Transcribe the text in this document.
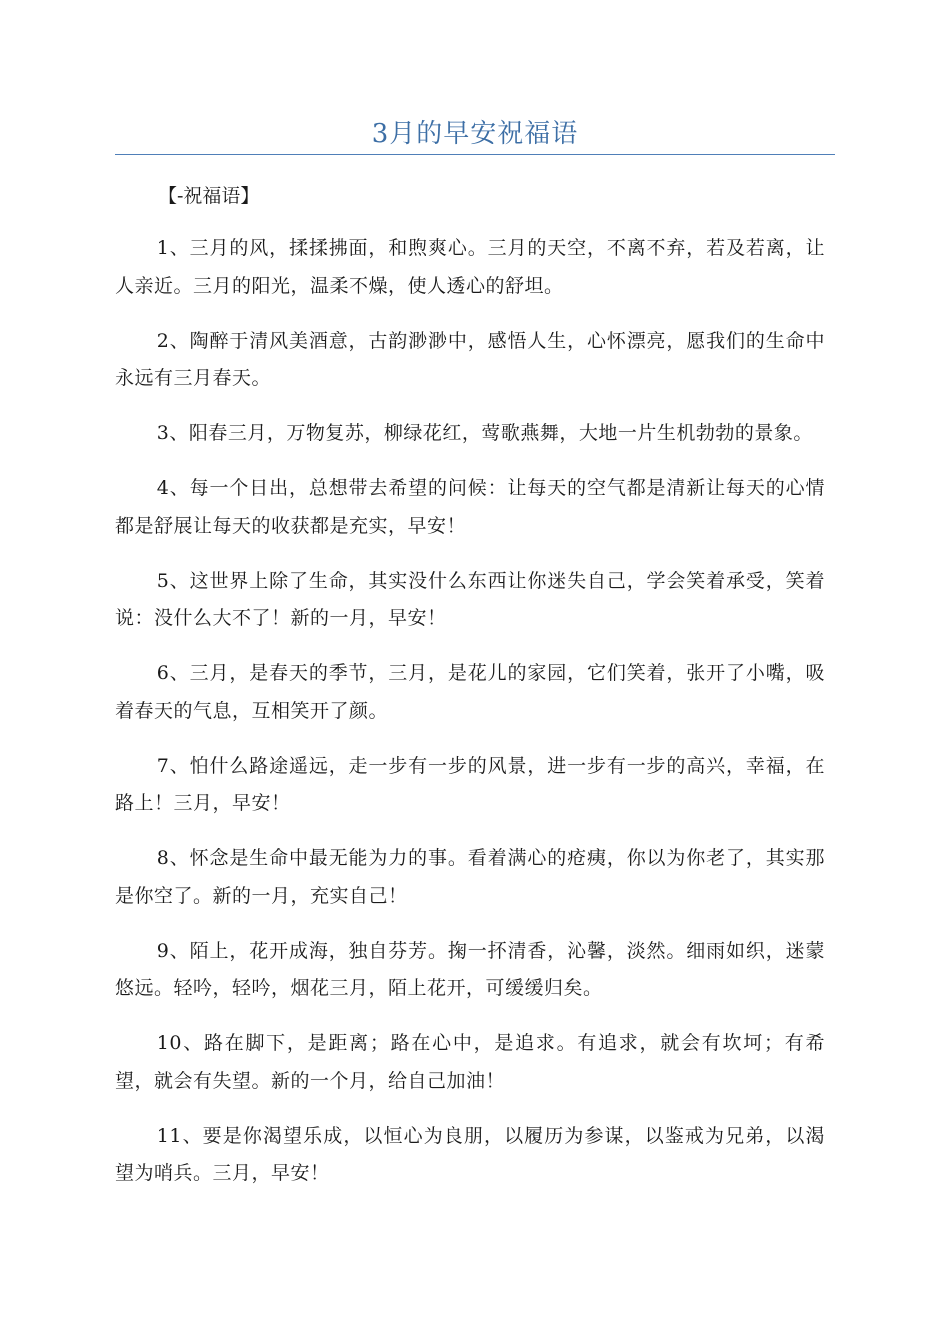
3月的早安祝福语
【-祝福语】

1、三月的风，揉揉拂面，和煦爽心。三月的天空，不离不弃，若及若离，让人亲近。三月的阳光，温柔不燥，使人透心的舒坦。

2、陶醉于清风美酒意，古韵渺渺中，感悟人生，心怀漂亮，愿我们的生命中永远有三月春天。

3、阳春三月，万物复苏，柳绿花红，莺歌燕舞，大地一片生机勃勃的景象。

4、每一个日出，总想带去希望的问候：让每天的空气都是清新让每天的心情都是舒展让每天的收获都是充实，早安！

5、这世界上除了生命，其实没什么东西让你迷失自己，学会笑着承受，笑着说：没什么大不了！新的一月，早安！

6、三月，是春天的季节，三月，是花儿的家园，它们笑着，张开了小嘴，吸着春天的气息，互相笑开了颜。

7、怕什么路途遥远，走一步有一步的风景，进一步有一步的高兴，幸福，在路上！三月，早安！

8、怀念是生命中最无能为力的事。看着满心的疮痍，你以为你老了，其实那是你空了。新的一月，充实自己！

9、陌上，花开成海，独自芬芳。掬一抔清香，沁馨，淡然。细雨如织，迷蒙悠远。轻吟，轻吟，烟花三月，陌上花开，可缓缓归矣。

10、路在脚下，是距离；路在心中，是追求。有追求，就会有坎坷；有希望，就会有失望。新的一个月，给自己加油！

11、要是你渴望乐成，以恒心为良朋，以履历为参谋，以鉴戒为兄弟，以渴望为哨兵。三月，早安！
